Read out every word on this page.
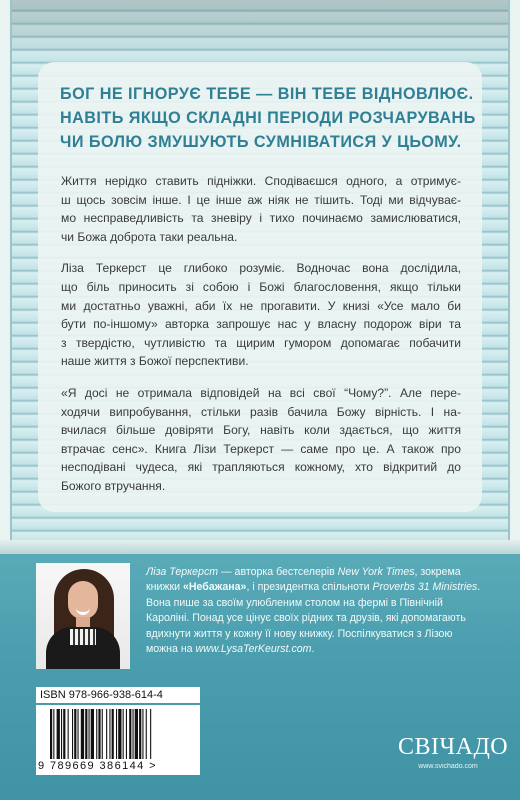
БОГ НЕ ІГНОРУЄ ТЕБЕ — ВІН ТЕБЕ ВІДНОВЛЮЄ.
НАВІТЬ ЯКЩО СКЛАДНІ ПЕРІОДИ РОЗЧАРУВАНЬ
ЧИ БОЛЮ ЗМУШУЮТЬ СУМНІВАТИСЯ У ЦЬОМУ.
Життя нерідко ставить підніжки. Сподіваєшся одного, а отримує-
ш щось зовсім інше. І це інше аж ніяк не тішить. Тоді ми відчуває-
мо несправедливість та зневіру і тихо починаємо замислюватися,
чи Божа доброта таки реальна.
Ліза Теркерст це глибоко розуміє. Водночас вона дослідила,
що біль приносить зі собою і Божі благословення, якщо тільки
ми достатньо уважні, аби їх не прогавити. У книзі «Усе мало би
бути по-іншому» авторка запрошує нас у власну подорож віри та
з твердістю, чутливістю та щирим гумором допомагає побачити
наше життя з Божої перспективи.
«Я досі не отримала відповідей на всі свої “Чому?”. Але пере-
ходячи випробування, стільки разів бачила Божу вірність. І на-
вчилася більше довіряти Богу, навіть коли здається, що життя
втрачає сенс». Книга Лізи Теркерст — саме про це. А також про
несподівані чудеса, які трапляються кожному, хто відкритий до
Божого втручання.
Ліза Теркерст — авторка бестселерів New York Times, зокрема
книжки «Небажана», і президентка спільноти Proverbs 31 Ministries.
Вона пише за своїм улюбленим столом на фермі в Північній
Кароліні. Понад усе цінує своїх рідних та друзів, які допомагають
вдихнути життя у кожну її нову книжку. Поспілкуватися з Лізою
можна на www.LysaTerKeurst.com.
ISBN 978-966-938-614-4
9 789669 386144 >
СВІЧАДО
www.svichado.com
